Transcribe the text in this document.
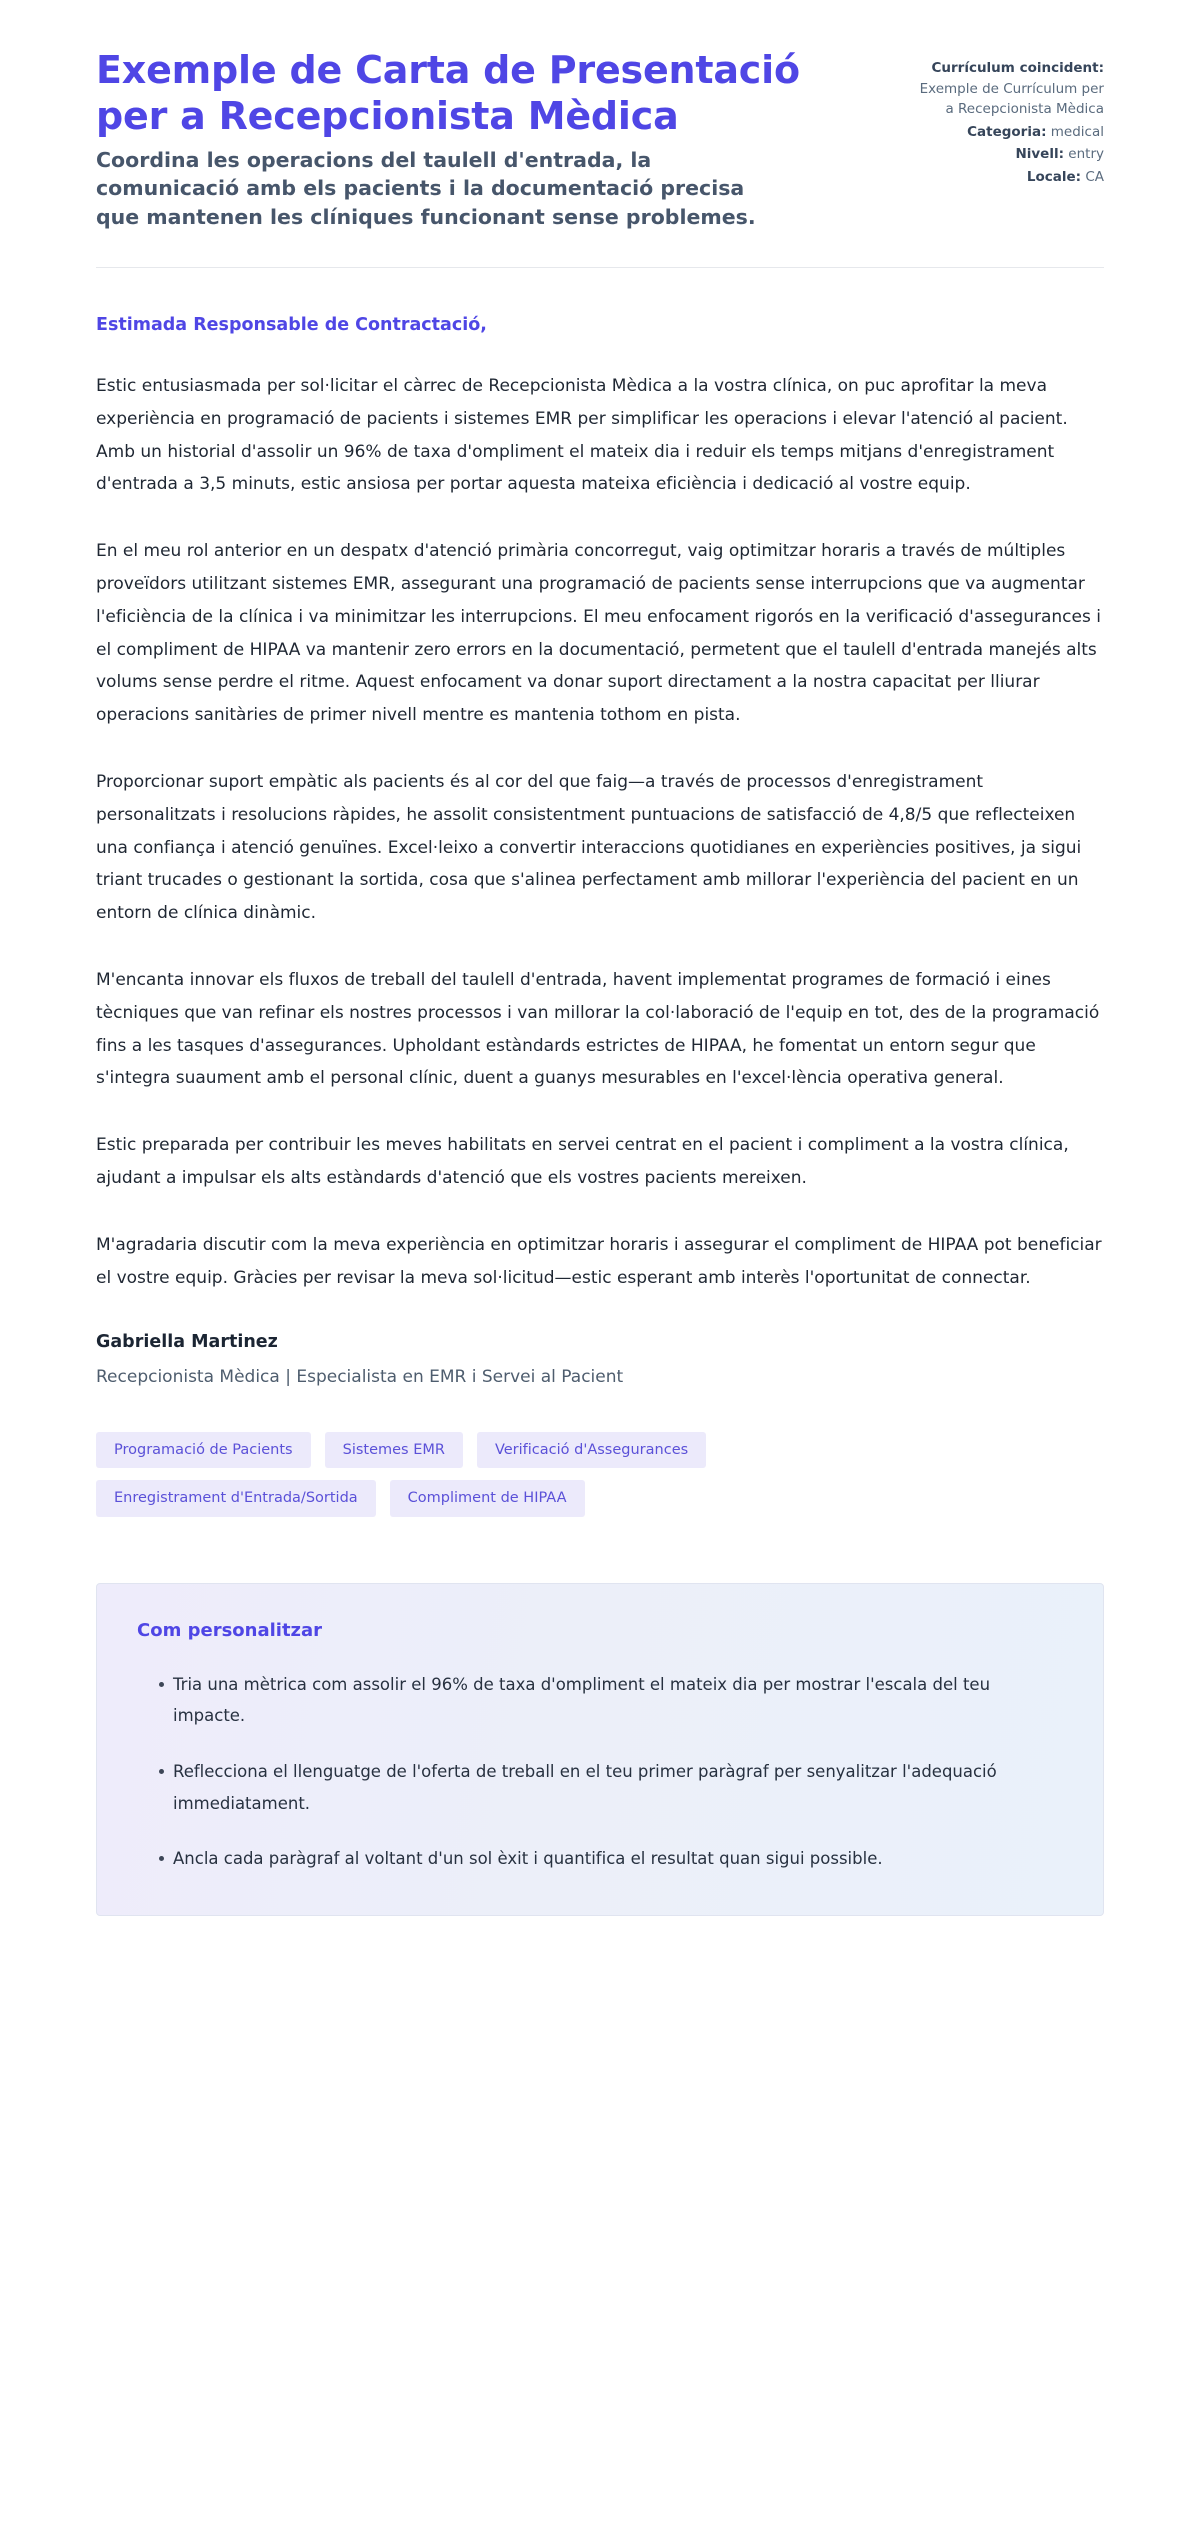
Exemple de Carta de Presentació per a Recepcionista Mèdica

Coordina les operacions del taulell d'entrada, la comunicació amb els pacients i la documentació precisa que mantenen les clíniques funcionant sense problemes.

Currículum coincident: Exemple de Currículum per a Recepcionista Mèdica
Categoria: medical
Nivell: entry
Locale: CA

Estimada Responsable de Contractació,

Estic entusiasmada per sol·licitar el càrrec de Recepcionista Mèdica a la vostra clínica, on puc aprofitar la meva experiència en programació de pacients i sistemes EMR per simplificar les operacions i elevar l'atenció al pacient. Amb un historial d'assolir un 96% de taxa d'ompliment el mateix dia i reduir els temps mitjans d'enregistrament d'entrada a 3,5 minuts, estic ansiosa per portar aquesta mateixa eficiència i dedicació al vostre equip.

En el meu rol anterior en un despatx d'atenció primària concorregut, vaig optimitzar horaris a través de múltiples proveïdors utilitzant sistemes EMR, assegurant una programació de pacients sense interrupcions que va augmentar l'eficiència de la clínica i va minimitzar les interrupcions. El meu enfocament rigorós en la verificació d'assegurances i el compliment de HIPAA va mantenir zero errors en la documentació, permetent que el taulell d'entrada manejés alts volums sense perdre el ritme. Aquest enfocament va donar suport directament a la nostra capacitat per lliurar operacions sanitàries de primer nivell mentre es mantenia tothom en pista.

Proporcionar suport empàtic als pacients és al cor del que faig—a través de processos d'enregistrament personalitzats i resolucions ràpides, he assolit consistentment puntuacions de satisfacció de 4,8/5 que reflecteixen una confiança i atenció genuïnes. Excel·leixo a convertir interaccions quotidianes en experiències positives, ja sigui triant trucades o gestionant la sortida, cosa que s'alinea perfectament amb millorar l'experiència del pacient en un entorn de clínica dinàmic.

M'encanta innovar els fluxos de treball del taulell d'entrada, havent implementat programes de formació i eines tècniques que van refinar els nostres processos i van millorar la col·laboració de l'equip en tot, des de la programació fins a les tasques d'assegurances. Upholdant estàndards estrictes de HIPAA, he fomentat un entorn segur que s'integra suaument amb el personal clínic, duent a guanys mesurables en l'excel·lència operativa general.

Estic preparada per contribuir les meves habilitats en servei centrat en el pacient i compliment a la vostra clínica, ajudant a impulsar els alts estàndards d'atenció que els vostres pacients mereixen.

M'agradaria discutir com la meva experiència en optimitzar horaris i assegurar el compliment de HIPAA pot beneficiar el vostre equip. Gràcies per revisar la meva sol·licitud—estic esperant amb interès l'oportunitat de connectar.

Gabriella Martinez

Recepcionista Mèdica | Especialista en EMR i Servei al Pacient

Programació de Pacients	Sistemes EMR	Verificació d'Assegurances
Enregistrament d'Entrada/Sortida	Compliment de HIPAA
Com personalitzar
Tria una mètrica com assolir el 96% de taxa d'ompliment el mateix dia per mostrar l'escala del teu impacte.
Reflecciona el llenguatge de l'oferta de treball en el teu primer paràgraf per senyalitzar l'adequació immediatament.
Ancla cada paràgraf al voltant d'un sol èxit i quantifica el resultat quan sigui possible.
